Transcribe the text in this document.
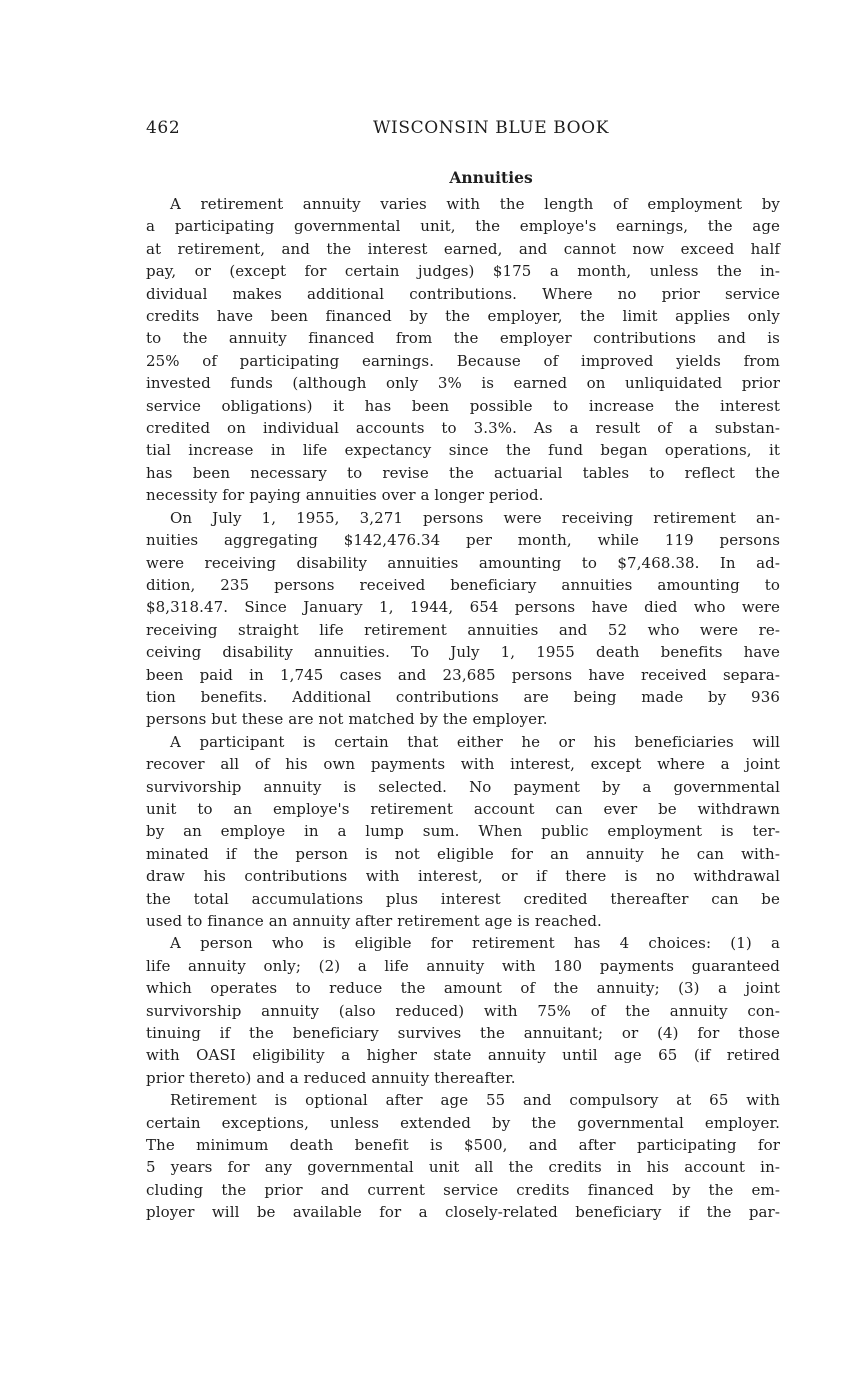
462	WISCONSIN BLUE BOOK
Annuities
A retirement annuity varies with the length of employment by
a participating governmental unit, the employe's earnings, the age
at retirement, and the interest earned, and cannot now exceed half
pay, or (except for certain judges) $175 a month, unless the in-
dividual makes additional contributions. Where no prior service
credits have been financed by the employer, the limit applies only
to the annuity financed from the employer contributions and is
25% of participating earnings. Because of improved yields from
invested funds (although only 3% is earned on unliquidated prior
service obligations) it has been possible to increase the interest
credited on individual accounts to 3.3%. As a result of a substan-
tial increase in life expectancy since the fund began operations, it
has been necessary to revise the actuarial tables to reflect the
necessity for paying annuities over a longer period.
On July 1, 1955, 3,271 persons were receiving retirement an-
nuities aggregating $142,476.34 per month, while 119 persons
were receiving disability annuities amounting to $7,468.38. In ad-
dition, 235 persons received beneficiary annuities amounting to
$8,318.47. Since January 1, 1944, 654 persons have died who were
receiving straight life retirement annuities and 52 who were re-
ceiving disability annuities. To July 1, 1955 death benefits have
been paid in 1,745 cases and 23,685 persons have received separa-
tion benefits. Additional contributions are being made by 936
persons but these are not matched by the employer.
A participant is certain that either he or his beneficiaries will
recover all of his own payments with interest, except where a joint
survivorship annuity is selected. No payment by a governmental
unit to an employe's retirement account can ever be withdrawn
by an employe in a lump sum. When public employment is ter-
minated if the person is not eligible for an annuity he can with-
draw his contributions with interest, or if there is no withdrawal
the total accumulations plus interest credited thereafter can be
used to finance an annuity after retirement age is reached.
A person who is eligible for retirement has 4 choices: (1) a
life annuity only; (2) a life annuity with 180 payments guaranteed
which operates to reduce the amount of the annuity; (3) a joint
survivorship annuity (also reduced) with 75% of the annuity con-
tinuing if the beneficiary survives the annuitant; or (4) for those
with OASI eligibility a higher state annuity until age 65 (if retired
prior thereto) and a reduced annuity thereafter.
Retirement is optional after age 55 and compulsory at 65 with
certain exceptions, unless extended by the governmental employer.
The minimum death benefit is $500, and after participating for
5 years for any governmental unit all the credits in his account in-
cluding the prior and current service credits financed by the em-
ployer will be available for a closely-related beneficiary if the par-
